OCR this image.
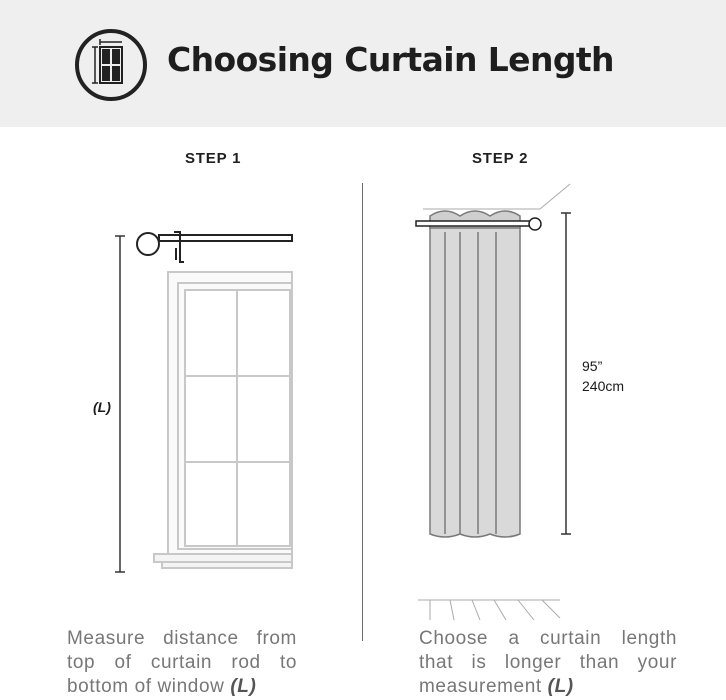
Choosing Curtain Length
STEP 1	STEP 2
(L)
95”
240cm
Measure distance from
top of curtain rod to
bottom of window (L)
Choose a curtain length
that is longer than your
measurement (L)
